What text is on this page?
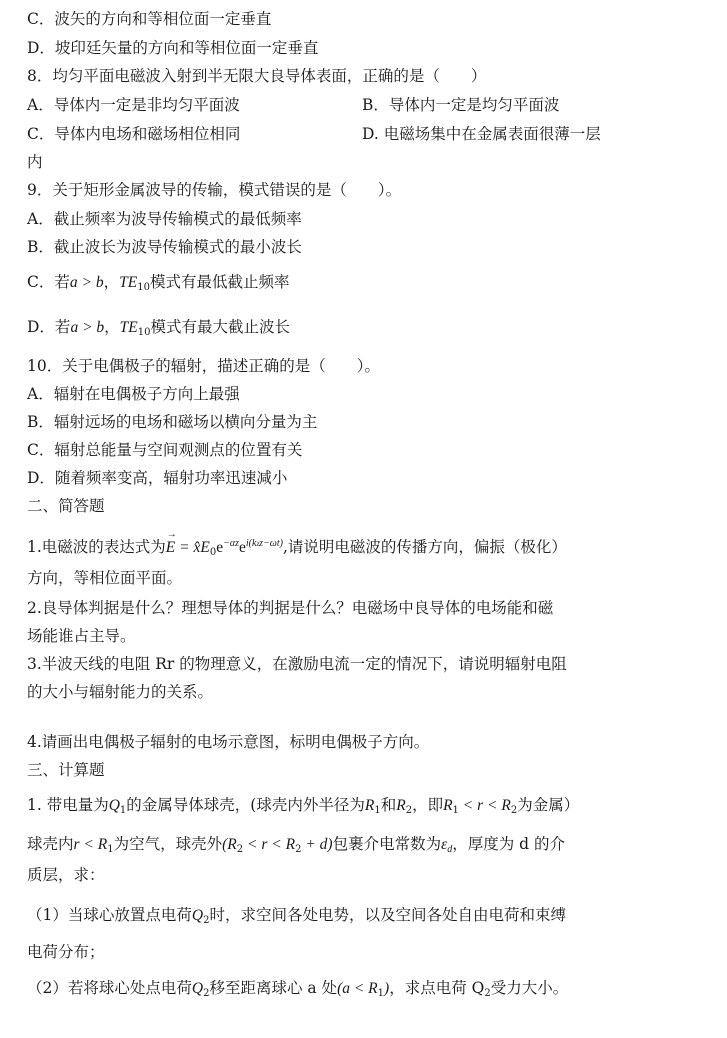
C．波矢的方向和等相位面一定垂直
D．坡印廷矢量的方向和等相位面一定垂直
8．均匀平面电磁波入射到半无限大良导体表面，正确的是（　　）
A．导体内一定是非均匀平面波	B．导体内一定是均匀平面波
C．导体内电场和磁场相位相同	D. 电磁场集中在金属表面很薄一层
内
9．关于矩形金属波导的传输，模式错误的是（　　）。
A．截止频率为波导传输模式的最低频率
B．截止波长为波导传输模式的最小波长
C．若a > b，$TE_{10}$模式有最低截止频率
D．若a > b，$TE_{10}$模式有最大截止波长
10．关于电偶极子的辐射，描述正确的是（　　）。
A．辐射在电偶极子方向上最强
B．辐射远场的电场和磁场以横向分量为主
C．辐射总能量与空间观测点的位置有关
D．随着频率变高，辐射功率迅速减小
二、简答题
1.电磁波的表达式为→ $E = x̂E_0e^{-\alpha z}e^{i(kzz-\omega t)}$,请说明电磁波的传播方向，偏振（极化）
方向，等相位面平面。
2.良导体判据是什么？理想导体的判据是什么？电磁场中良导体的电场能和磁
场能谁占主导。
3.半波天线的电阻 Rr 的物理意义，在激励电流一定的情况下，请说明辐射电阻
的大小与辐射能力的关系。
4.请画出电偶极子辐射的电场示意图，标明电偶极子方向。
三、计算题
1. 带电量为$Q_1$的金属导体球壳，(球壳内外半径为$R_1$和$R_2$，即$R_1 < r < R_2$为金属）
球壳内$r < R_1$为空气，球壳外$(R_2 < r < R_2 + d)$包裹介电常数为$\varepsilon_d$，厚度为 d 的介
质层，求：
（1）当球心放置点电荷$Q_2$时，求空间各处电势，以及空间各处自由电荷和束缚
电荷分布；
（2）若将球心处点电荷$Q_2$移至距离球心 a 处$(a < R_1)$，求点电荷 $Q_2$受力大小。
